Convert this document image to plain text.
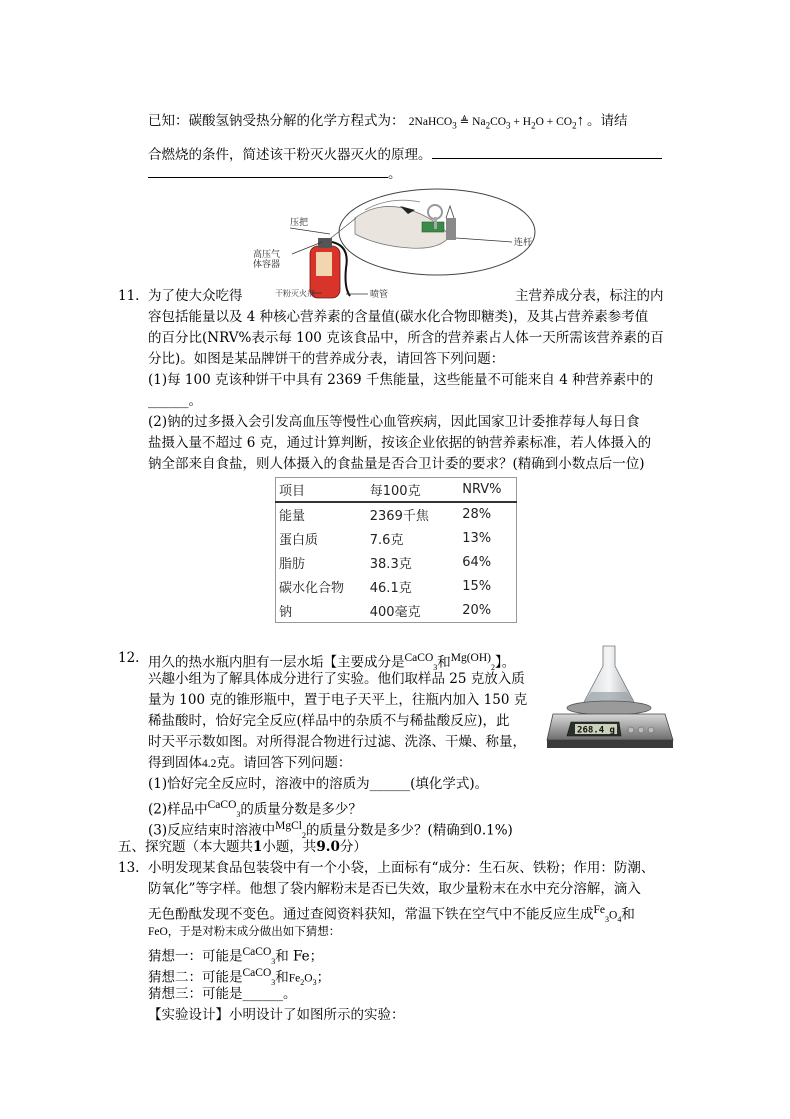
已知：碳酸氢钠受热分解的化学方程式为： 2NaHCO$_3$ ≜ $Na_2CO_3 + H_2O$ + $CO_2↑$ 。请结
合燃烧的条件，简述该干粉灭火器灭火的原理。
。
连杆
压把
高压气
体容器
干粉灭火剂	喷管
11. 为了使大众吃得	主营养成分表，标注的内
容包括能量以及 4 种核心营养素的含量值(碳水化合物即糖类)，及其占营养素参考值
的百分比(NRV%表示每 100 克该食品中，所含的营养素占人体一天所需该营养素的百
分比)。如图是某品牌饼干的营养成分表，请回答下列问题：
(1)每 100 克该种饼干中具有 2369 千焦能量，这些能量不可能来自 4 种营养素中的
______。
(2)钠的过多摄入会引发高血压等慢性心血管疾病，因此国家卫计委推荐每人每日食
盐摄入量不超过 6 克，通过计算判断，按该企业依据的钠营养素标准，若人体摄入的
钠全部来自食盐，则人体摄入的食盐量是否合卫计委的要求？(精确到小数点后一位)
项目	每100克	NRV%
能量	2369千焦	28%
蛋白质	7.6克	13%
脂肪	38.3克	64%
碳水化合物	46.1克	15%
钠	400毫克	20%
12. 用久的热水瓶内胆有一层水垢【主要成分是$^{CaCO}_3$和$^{Mg(OH)}_2$】。
兴趣小组为了解具体成分进行了实验。他们取样品 25 克放入质
量为 100 克的锥形瓶中，置于电子天平上，往瓶内加入 150 克
稀盐酸时，恰好完全反应(样品中的杂质不与稀盐酸反应)，此
时天平示数如图。对所得混合物进行过滤、洗涤、干燥、称量，
得到固体4.2克。请回答下列问题：
(1)恰好完全反应时，溶液中的溶质为______(填化学式)。
(2)样品中$^{CaCO}_3$的质量分数是多少？
(3)反应结束时溶液中$^{MgCl}_2$的质量分数是多少？(精确到0.1%)
268.4 g
五、探究题（本大题共1小题，共9.0分）
13. 小明发现某食品包装袋中有一个小袋，上面标有“成分：生石灰、铁粉；作用：防潮、
防氧化”等字样。他想了袋内解粉末是否已失效，取少量粉末在水中充分溶解，滴入
无色酚酞发现不变色。通过查阅资料获知，常温下铁在空气中不能反应生成$^{Fe}_3O_4$和
FeO，于是对粉末成分做出如下猜想：
猜想一：可能是$^{CaCO}_3$和 Fe；
猜想二：可能是$^{CaCO}_3$和$Fe_2O_3$；
猜想三：可能是______。
【实验设计】小明设计了如图所示的实验：
